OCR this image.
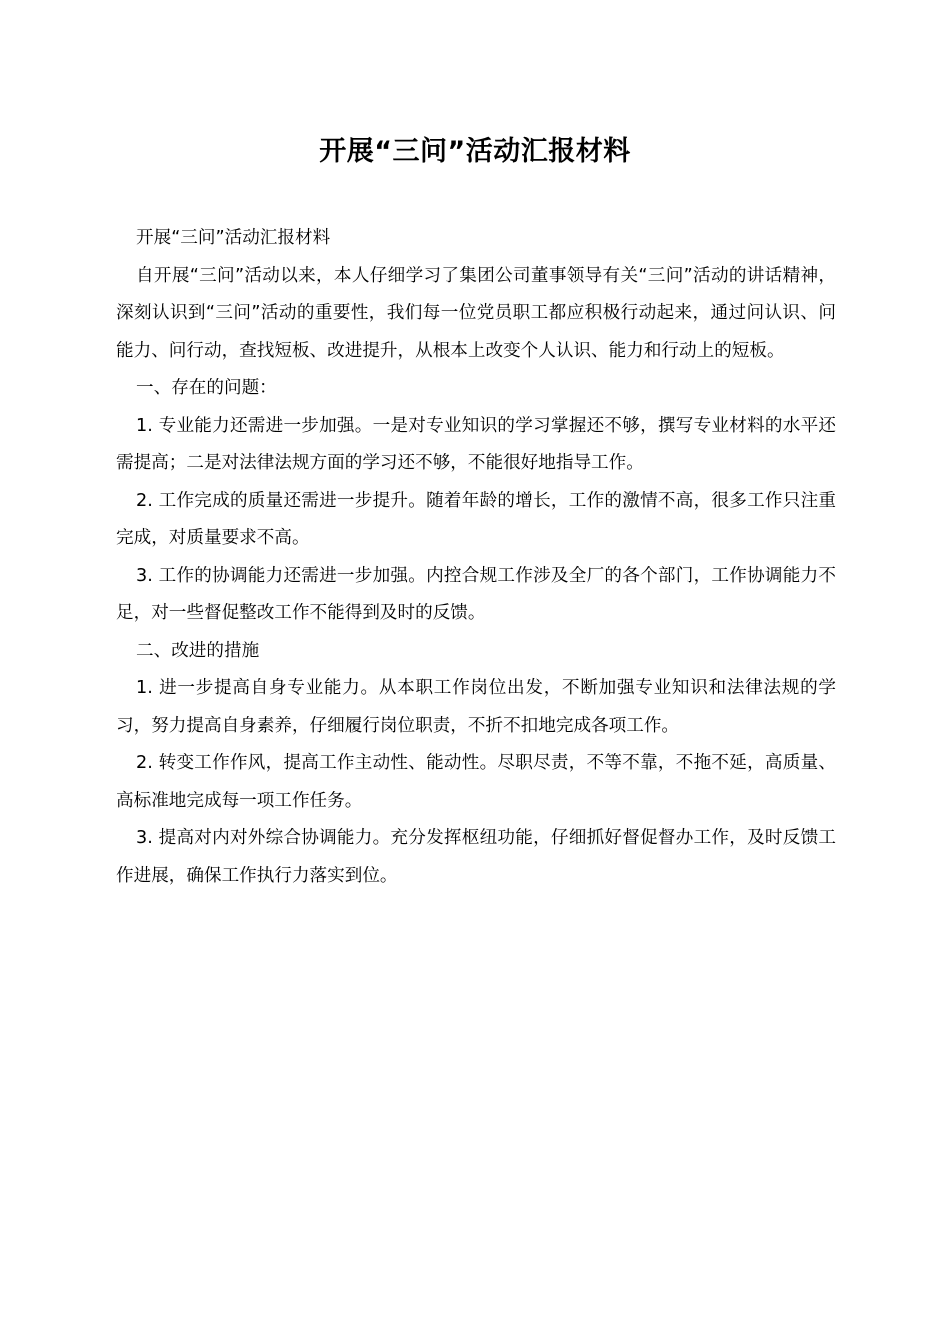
开展“三问”活动汇报材料

开展“三问”活动汇报材料

自开展“三问”活动以来，本人仔细学习了集团公司董事领导有关“三问”活动的讲话精神，深刻认识到“三问”活动的重要性，我们每一位党员职工都应积极行动起来，通过问认识、问能力、问行动，查找短板、改进提升，从根本上改变个人认识、能力和行动上的短板。

一、存在的问题：

1. 专业能力还需进一步加强。一是对专业知识的学习掌握还不够，撰写专业材料的水平还需提高；二是对法律法规方面的学习还不够，不能很好地指导工作。

2. 工作完成的质量还需进一步提升。随着年龄的增长，工作的激情不高，很多工作只注重完成，对质量要求不高。

3. 工作的协调能力还需进一步加强。内控合规工作涉及全厂的各个部门，工作协调能力不足，对一些督促整改工作不能得到及时的反馈。

二、改进的措施

1. 进一步提高自身专业能力。从本职工作岗位出发，不断加强专业知识和法律法规的学习，努力提高自身素养，仔细履行岗位职责，不折不扣地完成各项工作。

2. 转变工作作风，提高工作主动性、能动性。尽职尽责，不等不靠，不拖不延，高质量、高标准地完成每一项工作任务。

3. 提高对内对外综合协调能力。充分发挥枢纽功能，仔细抓好督促督办工作，及时反馈工作进展，确保工作执行力落实到位。
